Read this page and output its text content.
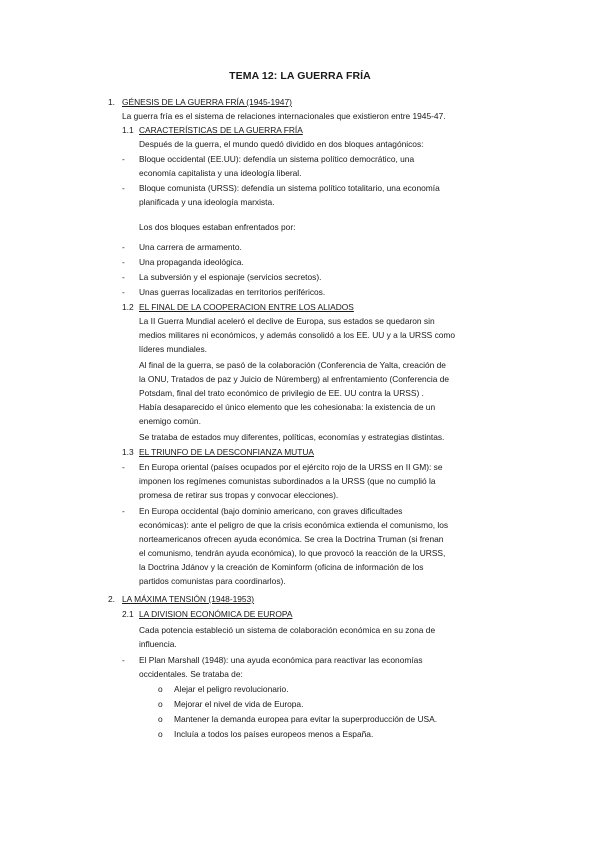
TEMA 12: LA GUERRA FRÍA
1. GÉNESIS DE LA GUERRA FRÍA (1945-1947)
La guerra fría es el sistema de relaciones internacionales que existieron entre 1945-47.
1.1 CARACTERÍSTICAS DE LA GUERRA FRÍA
Después de la guerra, el mundo quedó dividido en dos bloques antagónicos:
- Bloque occidental (EE.UU): defendía un sistema político democrático, una
economía capitalista y una ideología liberal.
- Bloque comunista (URSS): defendía un sistema político totalitario, una economía
planificada y una ideología marxista.
Los dos bloques estaban enfrentados por:
- Una carrera de armamento.
- Una propaganda ideológica.
- La subversión y el espionaje (servicios secretos).
- Unas guerras localizadas en territorios periféricos.
1.2 EL FINAL DE LA COOPERACION ENTRE LOS ALIADOS
La II Guerra Mundial aceleró el declive de Europa, sus estados se quedaron sin
medios militares ni económicos, y además consolidó a los EE. UU y a la URSS como
líderes mundiales.
Al final de la guerra, se pasó de la colaboración (Conferencia de Yalta, creación de
la ONU, Tratados de paz y Juicio de Núremberg) al enfrentamiento (Conferencia de
Potsdam, final del trato económico de privilegio de EE. UU contra la URSS) .
Había desaparecido el único elemento que les cohesionaba: la existencia de un
enemigo común.
Se trataba de estados muy diferentes, políticas, economías y estrategias distintas.
1.3 EL TRIUNFO DE LA DESCONFIANZA MUTUA
- En Europa oriental (países ocupados por el ejército rojo de la URSS en II GM): se
imponen los regímenes comunistas subordinados a la URSS (que no cumplió la
promesa de retirar sus tropas y convocar elecciones).
- En Europa occidental (bajo dominio americano, con graves dificultades
económicas): ante el peligro de que la crisis económica extienda el comunismo, los
norteamericanos ofrecen ayuda económica. Se crea la Doctrina Truman (si frenan
el comunismo, tendrán ayuda económica), lo que provocó la reacción de la URSS,
la Doctrina Jdánov y la creación de Kominform (oficina de información de los
partidos comunistas para coordinarlos).
2. LA MÁXIMA TENSIÓN (1948-1953)
2.1 LA DIVISION ECONÓMICA DE EUROPA
Cada potencia estableció un sistema de colaboración económica en su zona de
influencia.
- El Plan Marshall (1948): una ayuda económica para reactivar las economías
occidentales. Se trataba de:
o Alejar el peligro revolucionario.
o Mejorar el nivel de vida de Europa.
o Mantener la demanda europea para evitar la superproducción de USA.
o Incluía a todos los países europeos menos a España.
